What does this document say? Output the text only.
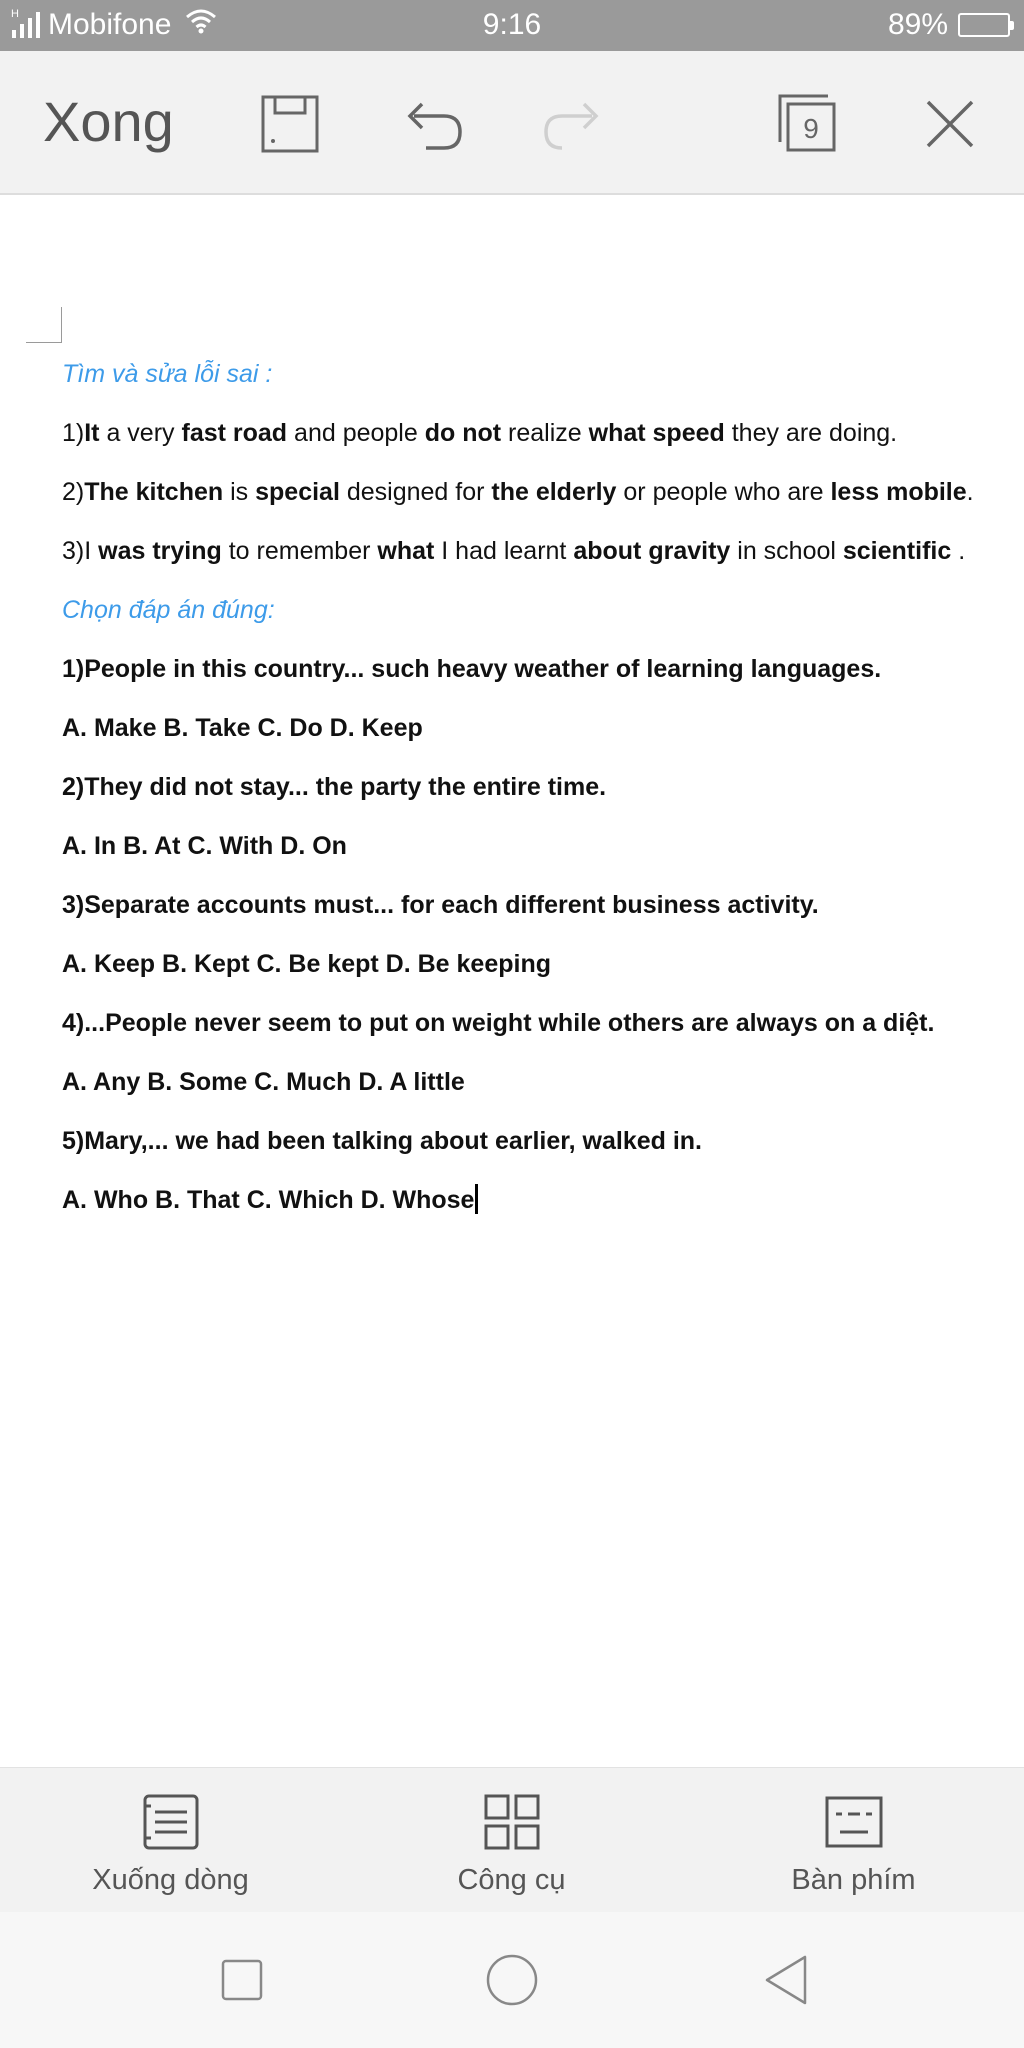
H Mobifone	9:16	89%
Xong	9
Tìm và sửa lỗi sai :
1)It a very fast road and people do not realize what speed they are doing.
2)The kitchen is special designed for the elderly or people who are less mobile.
3)I was trying to remember what I had learnt about gravity in school scientific .
Chọn đáp án đúng:
1)People in this country... such heavy weather of learning languages.
A. Make B. Take C. Do D. Keep
2)They did not stay... the party the entire time.
A. In B. At C. With D. On
3)Separate accounts must... for each different business activity.
A. Keep B. Kept C. Be kept D. Be keeping
4)...People never seem to put on weight while others are always on a diệt.
A. Any B. Some C. Much D. A little
5)Mary,... we had been talking about earlier, walked in.
A. Who B. That C. Which D. Whose
Xuống dòng	Công cụ	Bàn phím
